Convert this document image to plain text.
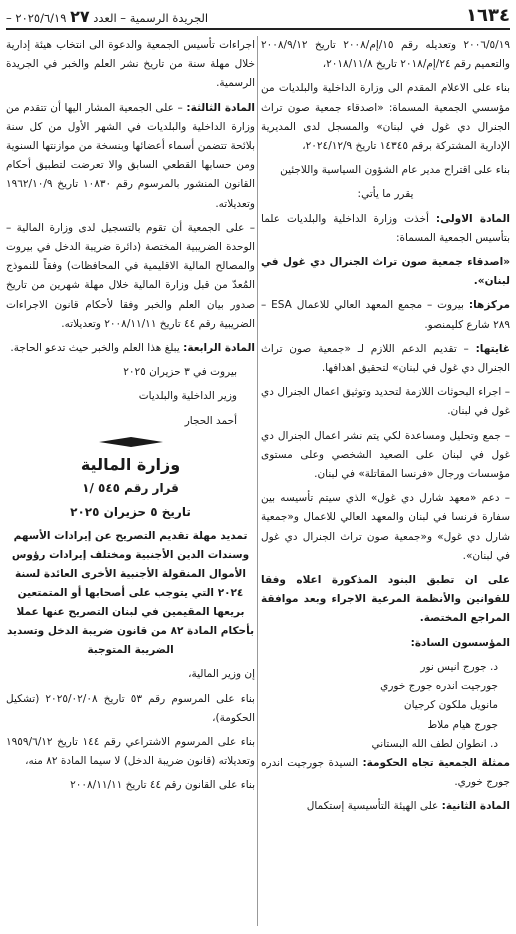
١٦٣٤
الجريدة الرسمية – العدد ٢٧ ٢٠٢٥/٦/١٩ –

٢٠٠٦/٥/١٩ وتعديله رقم ١٥/إم/٢٠٠٨ تاريخ ٢٠٠٨/٩/١٢ والتعميم رقم ٢٤/إم/٢٠١٨ تاريخ ٢٠١٨/١١/٨،

بناء على الاعلام المقدم الى وزارة الداخلية والبلديات من مؤسسي الجمعية المسماة: «اصدقاء جمعية صون تراث الجنرال دي غول في لبنان» والمسجل لدى المديرية الإدارية المشتركة برقم ١٤٣٤٥ تاريخ ٢٠٢٤/١٢/٩،

بناء على اقتراح مدير عام الشؤون السياسية واللاجئين

يقرر ما يأتي:

المادة الاولى: أخذت وزارة الداخلية والبلديات علما بتأسيس الجمعية المسماة:

«اصدقاء جمعية صون تراث الجنرال دي غول في لبنان».

مركزها: بيروت – مجمع المعهد العالي للاعمال ESA – ٢٨٩ شارع كليمنصو.

غايتها: – تقديم الدعم اللازم لـ «جمعية صون تراث الجنرال دي غول في لبنان» لتحقيق اهدافها.

– اجراء البحوثات اللازمة لتحديد وتوثيق اعمال الجنرال دي غول في لبنان.

– جمع وتحليل ومساعدة لكي يتم نشر اعمال الجنرال دي غول في لبنان على الصعيد الشخصي وعلى مستوى مؤسسات ورجال «فرنسا المقاتلة» في لبنان.

– دعم «معهد شارل دي غول» الذي سيتم تأسيسه بين سفارة فرنسا في لبنان والمعهد العالي للاعمال و«جمعية شارل دي غول» و«جمعية صون تراث الجنرال دي غول في لبنان».

على ان تطبق البنود المذكورة اعلاه وفقا للقوانين والأنظمة المرعية الاجراء وبعد موافقة المراجع المختصة.

المؤسسون السادة:

د. جورج انيس نور

جورجيت اندره جورج خوري

مانويل ملكون كرجيان

جورج هيام ملاط

د. انطوان لطف الله البستاني

ممثلة الجمعية تجاه الحكومة: السيدة جورجيت اندره جورج خوري.

المادة الثانية: على الهيئة التأسيسية إستكمال

اجراءات تأسيس الجمعية والدعوة الى انتخاب هيئة إدارية خلال مهلة سنة من تاريخ نشر العلم والخبر في الجريدة الرسمية.

المادة الثالثة: – على الجمعية المشار اليها أن تتقدم من وزارة الداخلية والبلديات في الشهر الأول من كل سنة بلائحة تتضمن أسماء أعضائها وبنسخة من موازنتها السنوية ومن حسابها القطعي السابق والا تعرضت لتطبيق أحكام القانون المنشور بالمرسوم رقم ١٠٨٣٠ تاريخ ١٩٦٢/١٠/٩ وتعديلاته.

– على الجمعية أن تقوم بالتسجيل لدى وزارة المالية – الوحدة الضريبية المختصة (دائرة ضريبة الدخل في بيروت والمصالح المالية الاقليمية في المحافظات) وفقاً للنموذج المُعدّ من قبل وزارة المالية خلال مهلة شهرين من تاريخ صدور بيان العلم والخبر وفقا لأحكام قانون الاجراءات الضريبية رقم ٤٤ تاريخ ٢٠٠٨/١١/١١ وتعديلاته.

المادة الرابعة: يبلغ هذا العلم والخبر حيث تدعو الحاجة.

بيروت في ٣ حزيران ٢٠٢٥

وزير الداخلية والبلديات

أحمد الحجار

وزارة المالية

قرار رقم ٥٤٥ /١

تاريخ ٥ حزيران ٢٠٢٥

تمديد مهلة تقديم التصريح عن إيرادات الأسهم وسندات الدين الأجنبية ومختلف إيرادات رؤوس الأموال المنقولة الأجنبية الأخرى العائدة لسنة ٢٠٢٤ التي يتوجب على أصحابها أو المتمتعين بريعها المقيمين في لبنان التصريح عنها عملا بأحكام المادة ٨٢ من قانون ضريبة الدخل وتسديد الضريبة المتوجبة

إن وزير المالية،

بناء على المرسوم رقم ٥٣ تاريخ ٢٠٢٥/٠٢/٠٨ (تشكيل الحكومة)،

بناء على المرسوم الاشتراعي رقم ١٤٤ تاريخ ١٩٥٩/٦/١٢ وتعديلاته (قانون ضريبة الدخل) لا سيما المادة ٨٢ منه،

بناء على القانون رقم ٤٤ تاريخ ٢٠٠٨/١١/١١
